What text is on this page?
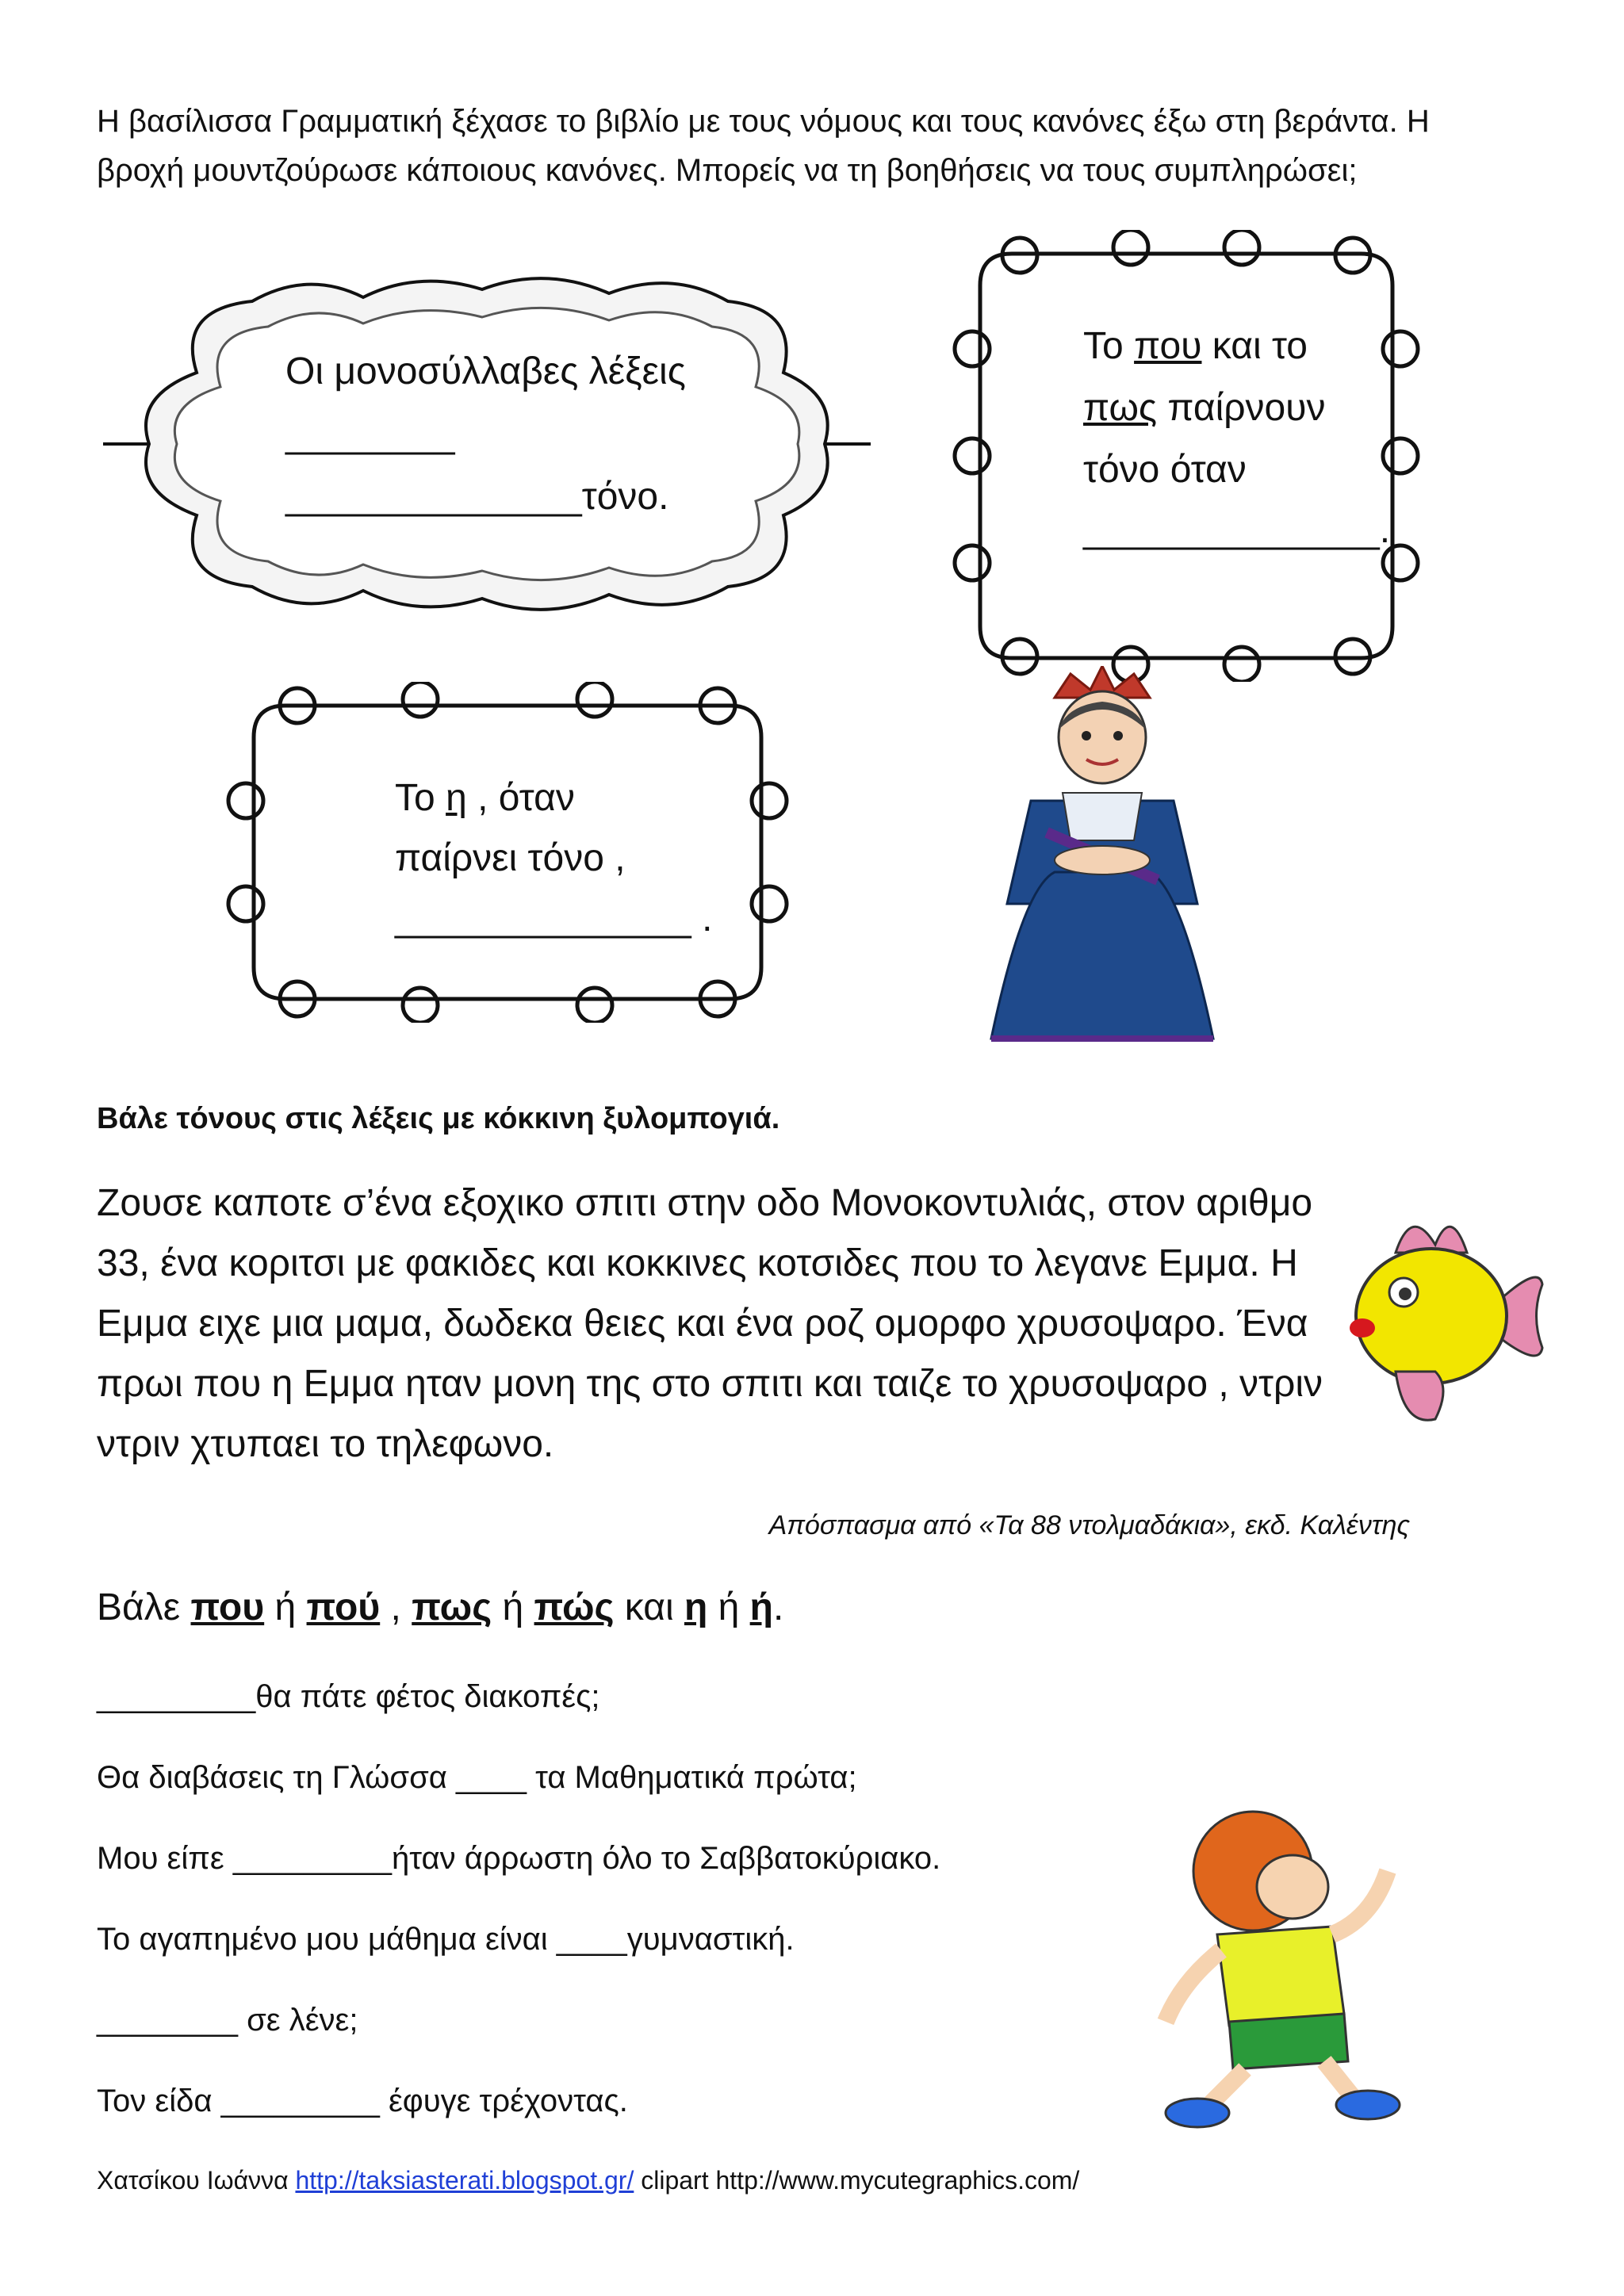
Η βασίλισσα Γραμματική ξέχασε το βιβλίο με τους νόμους και τους κανόνες έξω στη βεράντα. Η βροχή μουντζούρωσε κάποιους κανόνες. Μπορείς να τη βοηθήσεις να τους συμπληρώσει;
Οι μονοσύλλαβες λέξεις
________
______________τόνο.
Το που και το
πως παίρνουν
τόνο όταν
______________.
Το η , όταν
παίρνει τόνο ,
______________ .
Βάλε τόνους στις λέξεις με κόκκινη ξυλομπογιά.
Ζουσε καποτε σ’ένα εξοχικο σπιτι στην οδο Μονοκοντυλιάς, στον αριθμο 33, ένα κοριτσι με φακιδες και κοκκινες κοτσιδες που το λεγανε Εμμα. Η Εμμα ειχε μια μαμα, δωδεκα θειες και ένα ροζ ομορφο χρυσοψαρο. Ένα πρωι που η Εμμα ηταν μονη της στο σπιτι και ταιζε το χρυσοψαρο , ντριν ντριν χτυπαει το τηλεφωνο.
Απόσπασμα από «Τα 88 ντολμαδάκια», εκδ. Καλέντης
Βάλε που ή πού , πως ή πώς και η ή ή.
_________θα πάτε φέτος διακοπές;
Θα διαβάσεις τη Γλώσσα ____ τα Μαθηματικά πρώτα;
Μου είπε _________ήταν άρρωστη όλο το Σαββατοκύριακο.
Το αγαπημένο μου μάθημα είναι ____γυμναστική.
________ σε λένε;
Τον είδα _________ έφυγε τρέχοντας.
Χατσίκου Ιωάννα http://taksiasterati.blogspot.gr/ clipart http://www.mycutegraphics.com/
